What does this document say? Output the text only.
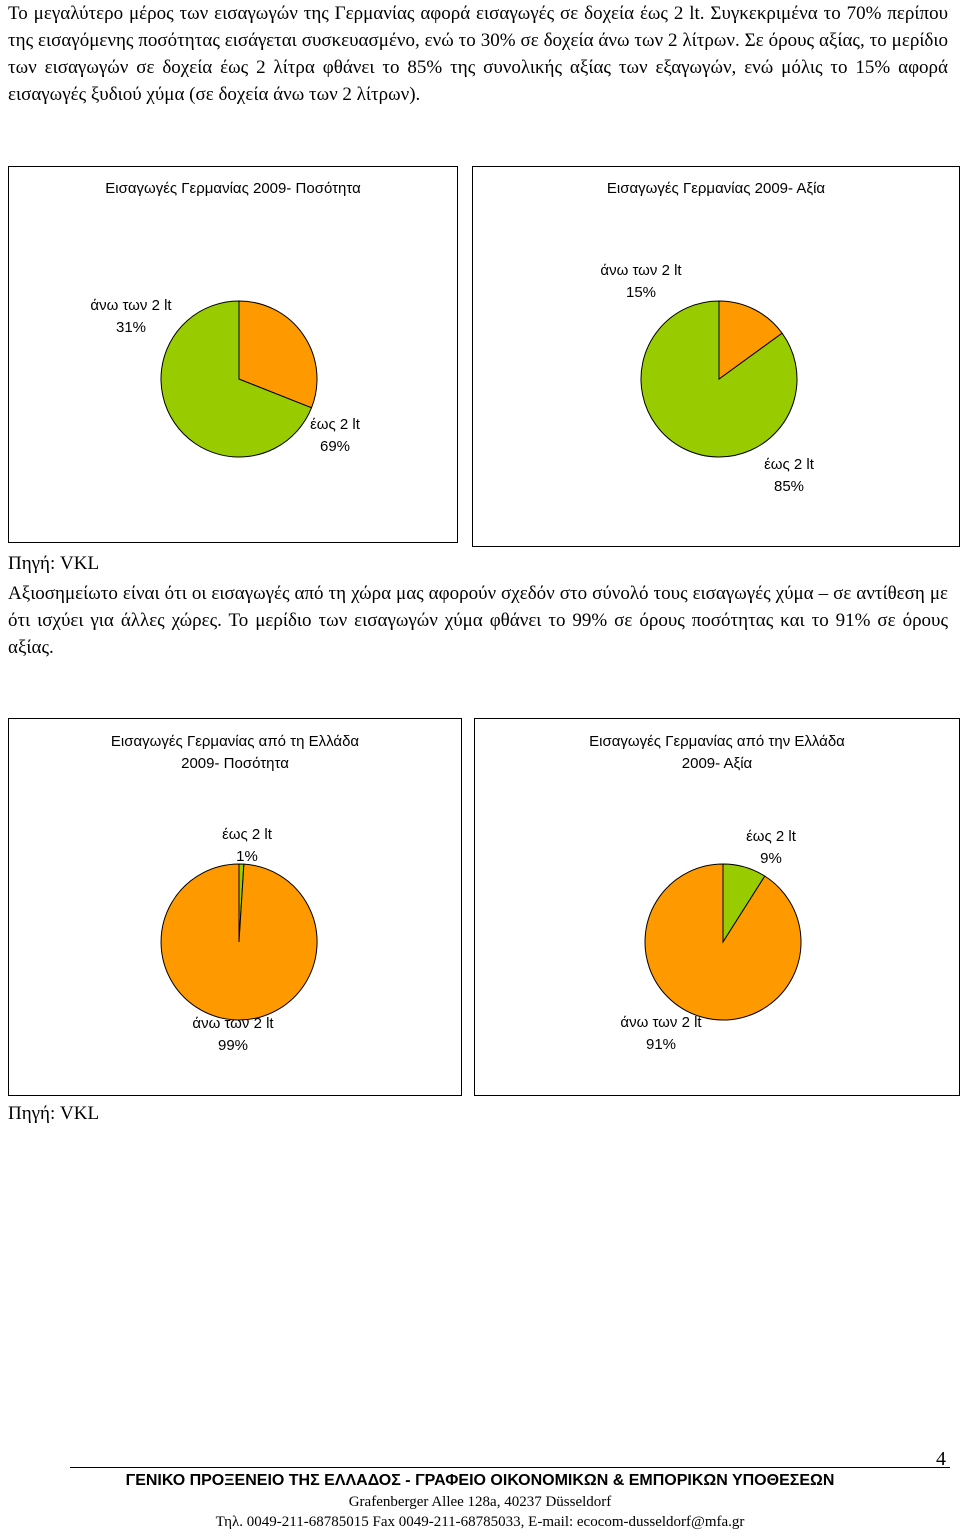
Το μεγαλύτερο μέρος των εισαγωγών της Γερμανίας αφορά εισαγωγές σε δοχεία έως 2 lt. Συγκεκριμένα το 70% περίπου της εισαγόμενης ποσότητας εισάγεται συσκευασμένο, ενώ το 30% σε δοχεία άνω των 2 λίτρων. Σε όρους αξίας, το μερίδιο των εισαγωγών σε δοχεία έως 2 λίτρα φθάνει το 85% της συνολικής αξίας των εξαγωγών, ενώ μόλις το 15% αφορά εισαγωγές ξυδιού χύμα (σε δοχεία άνω των 2 λίτρων).
Εισαγωγές Γερμανίας 2009- Ποσότητα
άνω των 2 lt
31%
έως 2 lt
69%
Εισαγωγές Γερμανίας 2009- Αξία
άνω των 2 lt
15%
έως 2 lt
85%
Πηγή: VKL
Αξιοσημείωτο είναι ότι οι εισαγωγές από τη χώρα μας αφορούν σχεδόν στο σύνολό τους εισαγωγές χύμα – σε αντίθεση με ότι ισχύει για άλλες χώρες. Το μερίδιο των εισαγωγών χύμα φθάνει το 99% σε όρους ποσότητας και το 91% σε όρους αξίας.
Εισαγωγές Γερμανίας από τη Ελλάδα
2009- Ποσότητα
έως 2 lt
1%
άνω των 2 lt
99%
Εισαγωγές Γερμανίας από την Ελλάδα
2009- Αξία
έως 2 lt
9%
άνω των 2 lt
91%
Πηγή: VKL
4
ΓΕΝΙΚΟ ΠΡΟΞΕΝΕΙΟ ΤΗΣ ΕΛΛΑΔΟΣ - ΓΡΑΦΕΙΟ ΟΙΚΟΝΟΜΙΚΩΝ & ΕΜΠΟΡΙΚΩΝ ΥΠΟΘΕΣΕΩΝ
Grafenberger Allee 128a, 40237 Düsseldorf
Τηλ. 0049-211-68785015 Fax 0049-211-68785033, E-mail: ecocom-dusseldorf@mfa.gr
